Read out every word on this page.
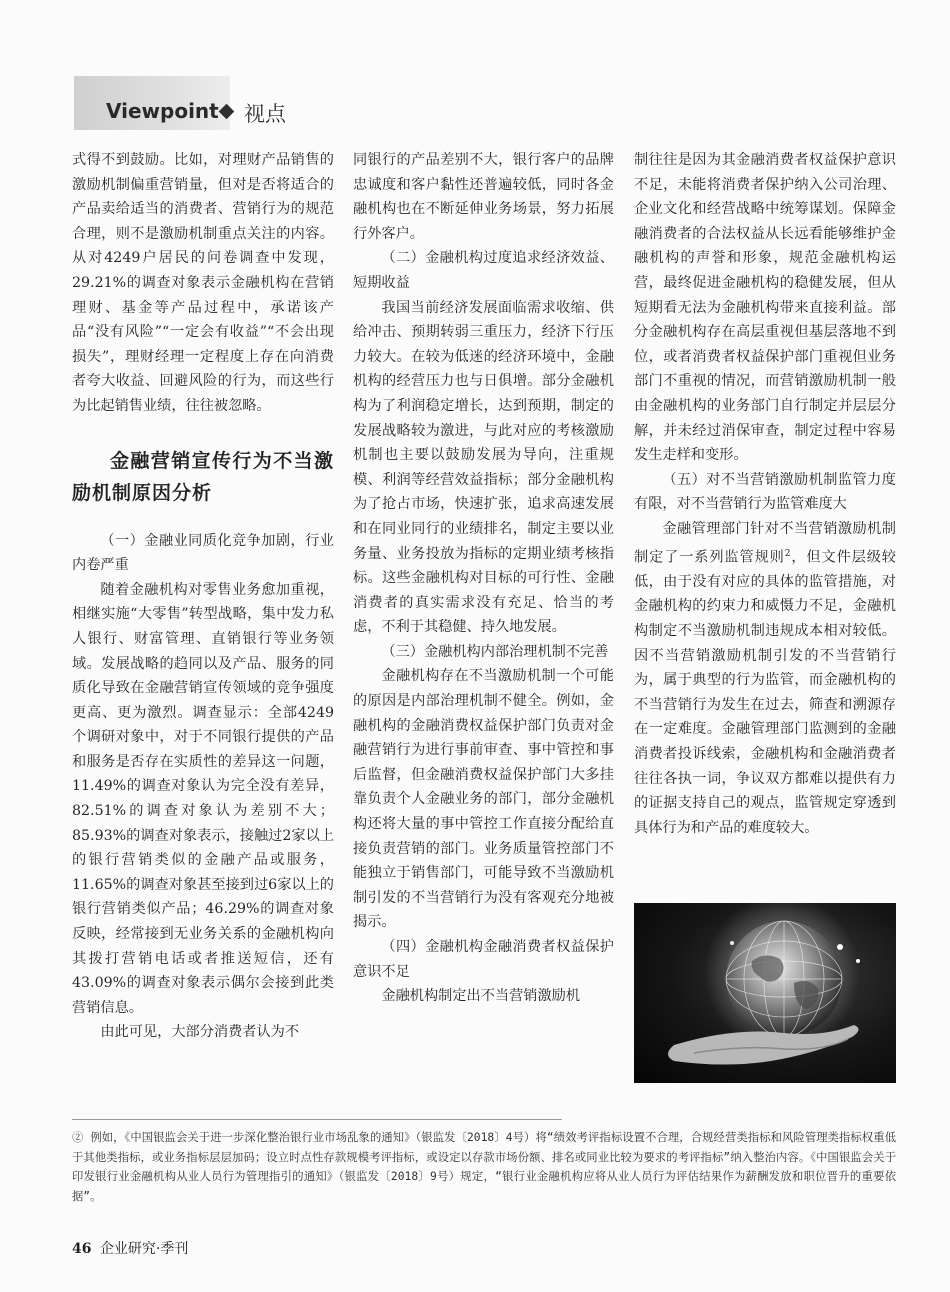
Viewpoint 视点

式得不到鼓励。比如，对理财产品销售的激励机制偏重营销量，但对是否将适合的产品卖给适当的消费者、营销行为的规范合理，则不是激励机制重点关注的内容。从对4249户居民的问卷调查中发现，29.21%的调查对象表示金融机构在营销理财、基金等产品过程中，承诺该产品“没有风险”“一定会有收益”“不会出现损失”，理财经理一定程度上存在向消费者夸大收益、回避风险的行为，而这些行为比起销售业绩，往往被忽略。

金融营销宣传行为不当激励机制原因分析

（一）金融业同质化竞争加剧，行业内卷严重

随着金融机构对零售业务愈加重视，相继实施“大零售”转型战略，集中发力私人银行、财富管理、直销银行等业务领域。发展战略的趋同以及产品、服务的同质化导致在金融营销宣传领域的竞争强度更高、更为激烈。调查显示：全部4249个调研对象中，对于不同银行提供的产品和服务是否存在实质性的差异这一问题，11.49%的调查对象认为完全没有差异，82.51%的调查对象认为差别不大；85.93%的调查对象表示，接触过2家以上的银行营销类似的金融产品或服务，11.65%的调查对象甚至接到过6家以上的银行营销类似产品；46.29%的调查对象反映，经常接到无业务关系的金融机构向其拨打营销电话或者推送短信，还有43.09%的调查对象表示偶尔会接到此类营销信息。

由此可见，大部分消费者认为不

同银行的产品差别不大，银行客户的品牌忠诚度和客户黏性还普遍较低，同时各金融机构也在不断延伸业务场景，努力拓展行外客户。

（二）金融机构过度追求经济效益、短期收益

我国当前经济发展面临需求收缩、供给冲击、预期转弱三重压力，经济下行压力较大。在较为低迷的经济环境中，金融机构的经营压力也与日俱增。部分金融机构为了利润稳定增长，达到预期，制定的发展战略较为激进，与此对应的考核激励机制也主要以鼓励发展为导向，注重规模、利润等经营效益指标；部分金融机构为了抢占市场，快速扩张，追求高速发展和在同业同行的业绩排名，制定主要以业务量、业务投放为指标的定期业绩考核指标。这些金融机构对目标的可行性、金融消费者的真实需求没有充足、恰当的考虑，不利于其稳健、持久地发展。

（三）金融机构内部治理机制不完善

金融机构存在不当激励机制一个可能的原因是内部治理机制不健全。例如，金融机构的金融消费权益保护部门负责对金融营销行为进行事前审查、事中管控和事后监督，但金融消费权益保护部门大多挂靠负责个人金融业务的部门，部分金融机构还将大量的事中管控工作直接分配给直接负责营销的部门。业务质量管控部门不能独立于销售部门，可能导致不当激励机制引发的不当营销行为没有客观充分地被揭示。

（四）金融机构金融消费者权益保护意识不足

金融机构制定出不当营销激励机

制往往是因为其金融消费者权益保护意识不足，未能将消费者保护纳入公司治理、企业文化和经营战略中统筹谋划。保障金融消费者的合法权益从长远看能够维护金融机构的声誉和形象，规范金融机构运营，最终促进金融机构的稳健发展，但从短期看无法为金融机构带来直接利益。部分金融机构存在高层重视但基层落地不到位，或者消费者权益保护部门重视但业务部门不重视的情况，而营销激励机制一般由金融机构的业务部门自行制定并层层分解，并未经过消保审查，制定过程中容易发生走样和变形。

（五）对不当营销激励机制监管力度有限，对不当营销行为监管难度大

金融管理部门针对不当营销激励机制制定了一系列监管规则$^2$，但文件层级较低，由于没有对应的具体的监管措施，对金融机构的约束力和威慑力不足，金融机构制定不当激励机制违规成本相对较低。因不当营销激励机制引发的不当营销行为，属于典型的行为监管，而金融机构的不当营销行为发生在过去，筛查和溯源存在一定难度。金融管理部门监测到的金融消费者投诉线索，金融机构和金融消费者往往各执一词，争议双方都难以提供有力的证据支持自己的观点，监管规定穿透到具体行为和产品的难度较大。

② 例如，《中国银监会关于进一步深化整治银行业市场乱象的通知》（银监发〔2018〕4号）将“绩效考评指标设置不合理，合规经营类指标和风险管理类指标权重低于其他类指标，或业务指标层层加码；设立时点性存款规模考评指标，或设定以存款市场份额、排名或同业比较为要求的考评指标”纳入整治内容。《中国银监会关于印发银行业金融机构从业人员行为管理指引的通知》（银监发〔2018〕9号）规定，“银行业金融机构应将从业人员行为评估结果作为薪酬发放和职位晋升的重要依据”。

46 企业研究·季刊
